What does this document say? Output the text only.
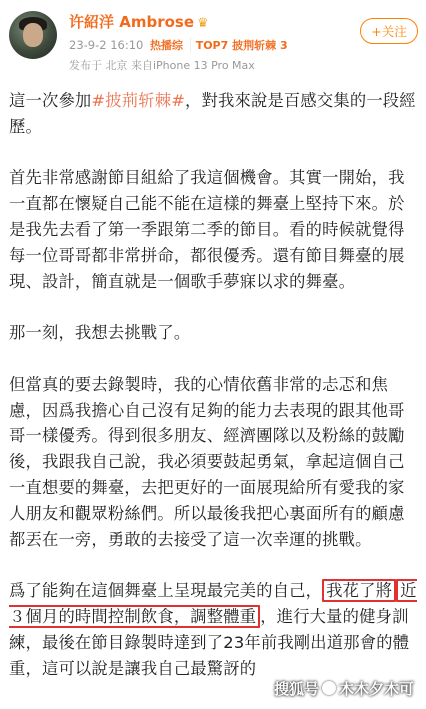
许紹洋 Ambrose ♛
23-9-2 16:10 热播综 TOP7 披荆斩棘 3
发布于 北京 来自iPhone 13 Pro Max
+关注

這一次參加#披荊斩棘#，對我來說是百感交集的一段經歷。

首先非常感謝節目組給了我這個機會。其實一開始，我一直都在懷疑自己能不能在這樣的舞臺上堅持下來。於是我先去看了第一季跟第二季的節目。看的時候就覺得每一位哥哥都非常拼命，都很優秀。還有節目舞臺的展現、設計，簡直就是一個歌手夢寐以求的舞臺。

那一刻，我想去挑戰了。

但當真的要去錄製時，我的心情依舊非常的忐忑和焦慮，因爲我擔心自己沒有足夠的能力去表現的跟其他哥哥一樣優秀。得到很多朋友、經濟團隊以及粉絲的鼓勵後，我跟我自己說，我必須要鼓起勇氣，拿起這個自己一直想要的舞臺，去把更好的一面展現給所有愛我的家人朋友和觀眾粉絲們。所以最後我把心裏面所有的顧慮都丟在一旁，勇敢的去接受了這一次幸運的挑戰。

爲了能夠在這個舞臺上呈現最完美的自己， 我花了將 近３個月的時間控制飲食，調整體重 ，進行大量的健身訓練，最後在節目錄製時達到了23年前我剛出道那會的體重，這可以說是讓我自己最驚訝的

搜狐号 木木夕木可
